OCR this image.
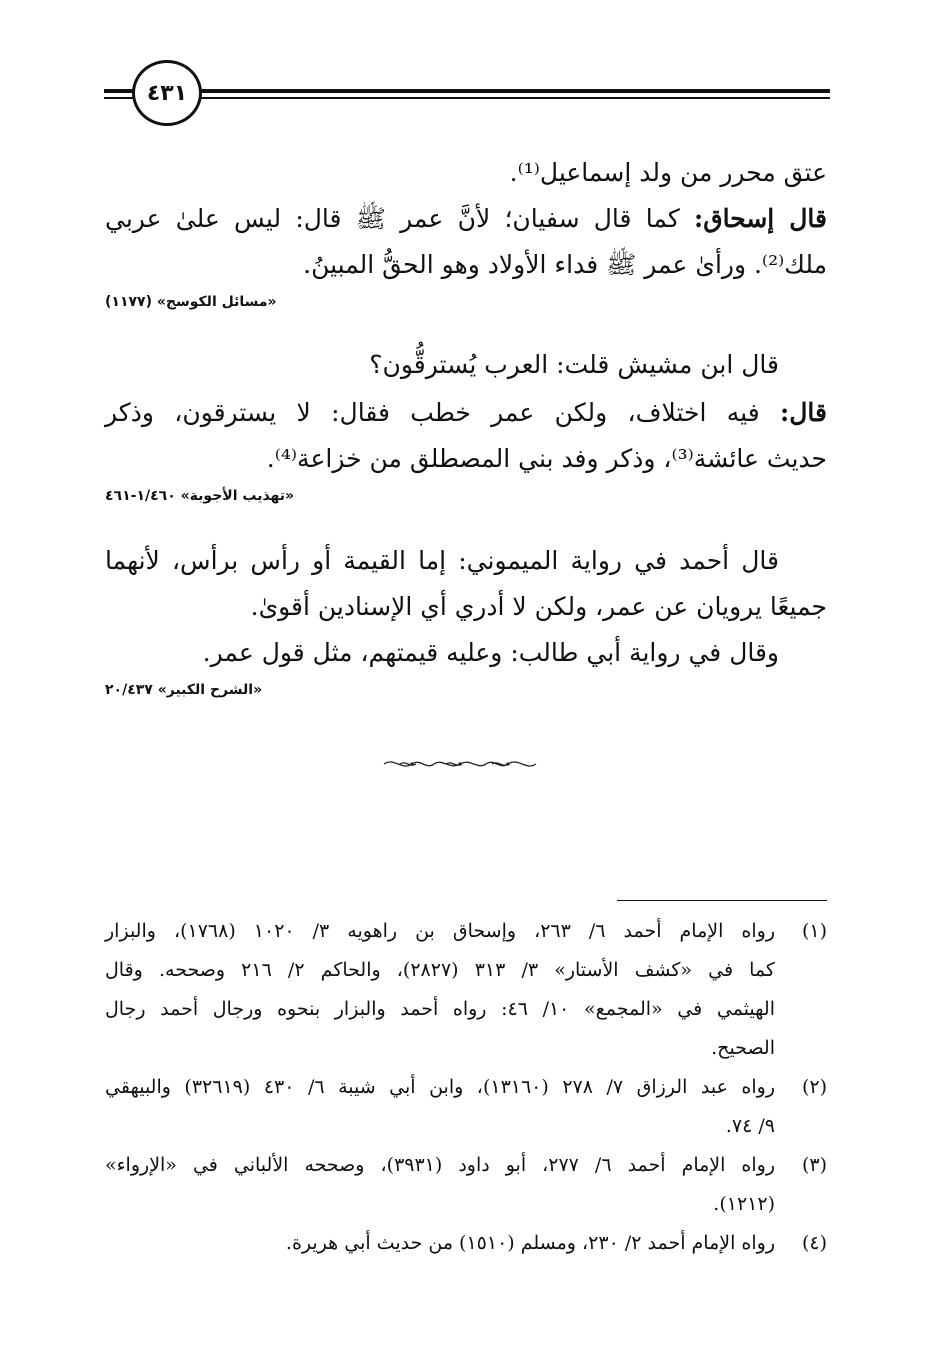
٤٣١

عتق محرر من ولد إسماعيل⁽¹⁾.

قال إسحاق: كما قال سفيان؛ لأنَّ عمر ﷺ قال: ليس علىٰ عربي

ملك⁽²⁾. ورأىٰ عمر ﷺ فداء الأولاد وهو الحقُّ المبينُ.

«مسائل الكوسج» (١١٧٧)

قال ابن مشيش قلت: العرب يُسترقُّون؟

قال: فيه اختلاف، ولكن عمر خطب فقال: لا يسترقون، وذكر

حديث عائشة⁽³⁾، وذكر وفد بني المصطلق من خزاعة⁽⁴⁾.

«تهذيب الأجوبة» ١/٤٦٠-٤٦١

قال أحمد في رواية الميموني: إما القيمة أو رأس برأس، لأنهما

جميعًا يرويان عن عمر، ولكن لا أدري أي الإسنادين أقوىٰ.

وقال في رواية أبي طالب: وعليه قيمتهم، مثل قول عمر.

«الشرح الكبير» ٢٠/٤٣٧

(١)
رواه الإمام أحمد ٦/ ٢٦٣، وإسحاق بن راهويه ٣/ ١٠٢٠ (١٧٦٨)، والبزار
كما في «كشف الأستار» ٣/ ٣١٣ (٢٨٢٧)، والحاكم ٢/ ٢١٦ وصححه. وقال
الهيثمي في «المجمع» ١٠/ ٤٦: رواه أحمد والبزار بنحوه ورجال أحمد رجال
الصحيح.
(٢)
رواه عبد الرزاق ٧/ ٢٧٨ (١٣١٦٠)، وابن أبي شيبة ٦/ ٤٣٠ (٣٢٦١٩) والبيهقي
٩/ ٧٤.
(٣)
رواه الإمام أحمد ٦/ ٢٧٧، أبو داود (٣٩٣١)، وصححه الألباني في «الإرواء»
(١٢١٢).
(٤)
رواه الإمام أحمد ٢/ ٢٣٠، ومسلم (١٥١٠) من حديث أبي هريرة.
